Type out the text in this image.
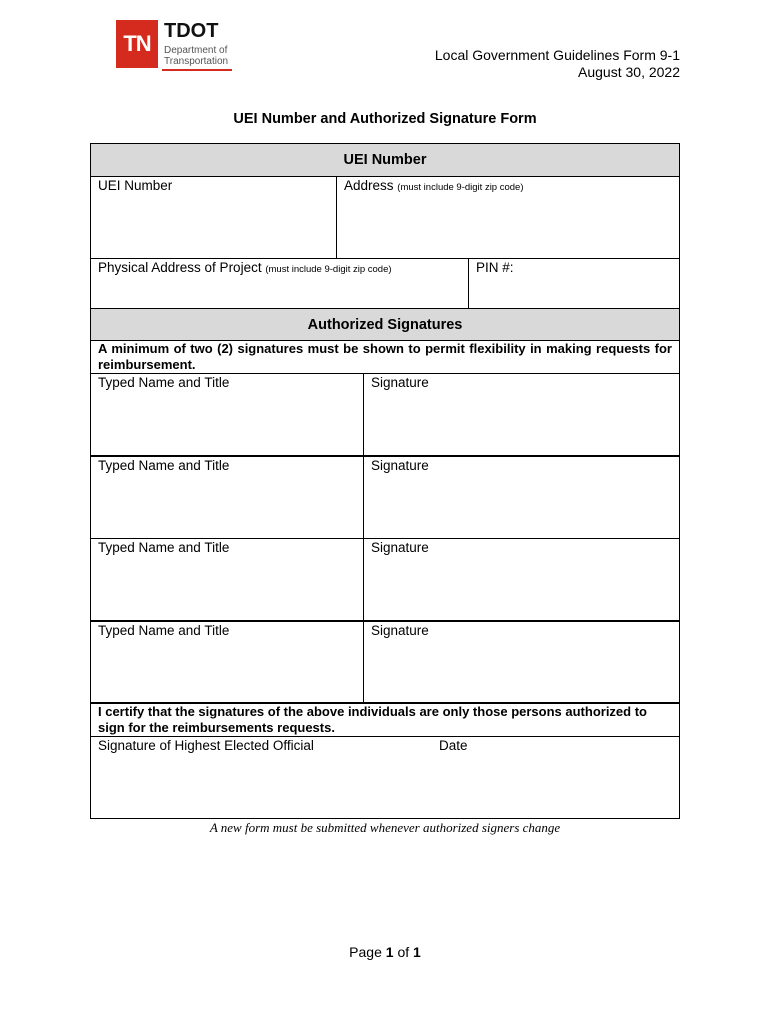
TN TDOT
Department of
Transportation	Local Government Guidelines Form 9-1
August 30, 2022
UEI Number and Authorized Signature Form
UEI Number
UEI Number	Address (must include 9-digit zip code)
Physical Address of Project (must include 9-digit zip code)	PIN #:
Authorized Signatures
A minimum of two (2) signatures must be shown to permit flexibility in making requests for reimbursement.
Typed Name and Title	Signature
Typed Name and Title	Signature
Typed Name and Title	Signature
Typed Name and Title	Signature
I certify that the signatures of the above individuals are only those persons authorized to sign for the reimbursements requests.
Signature of Highest Elected Official	Date
A new form must be submitted whenever authorized signers change
Page 1 of 1
